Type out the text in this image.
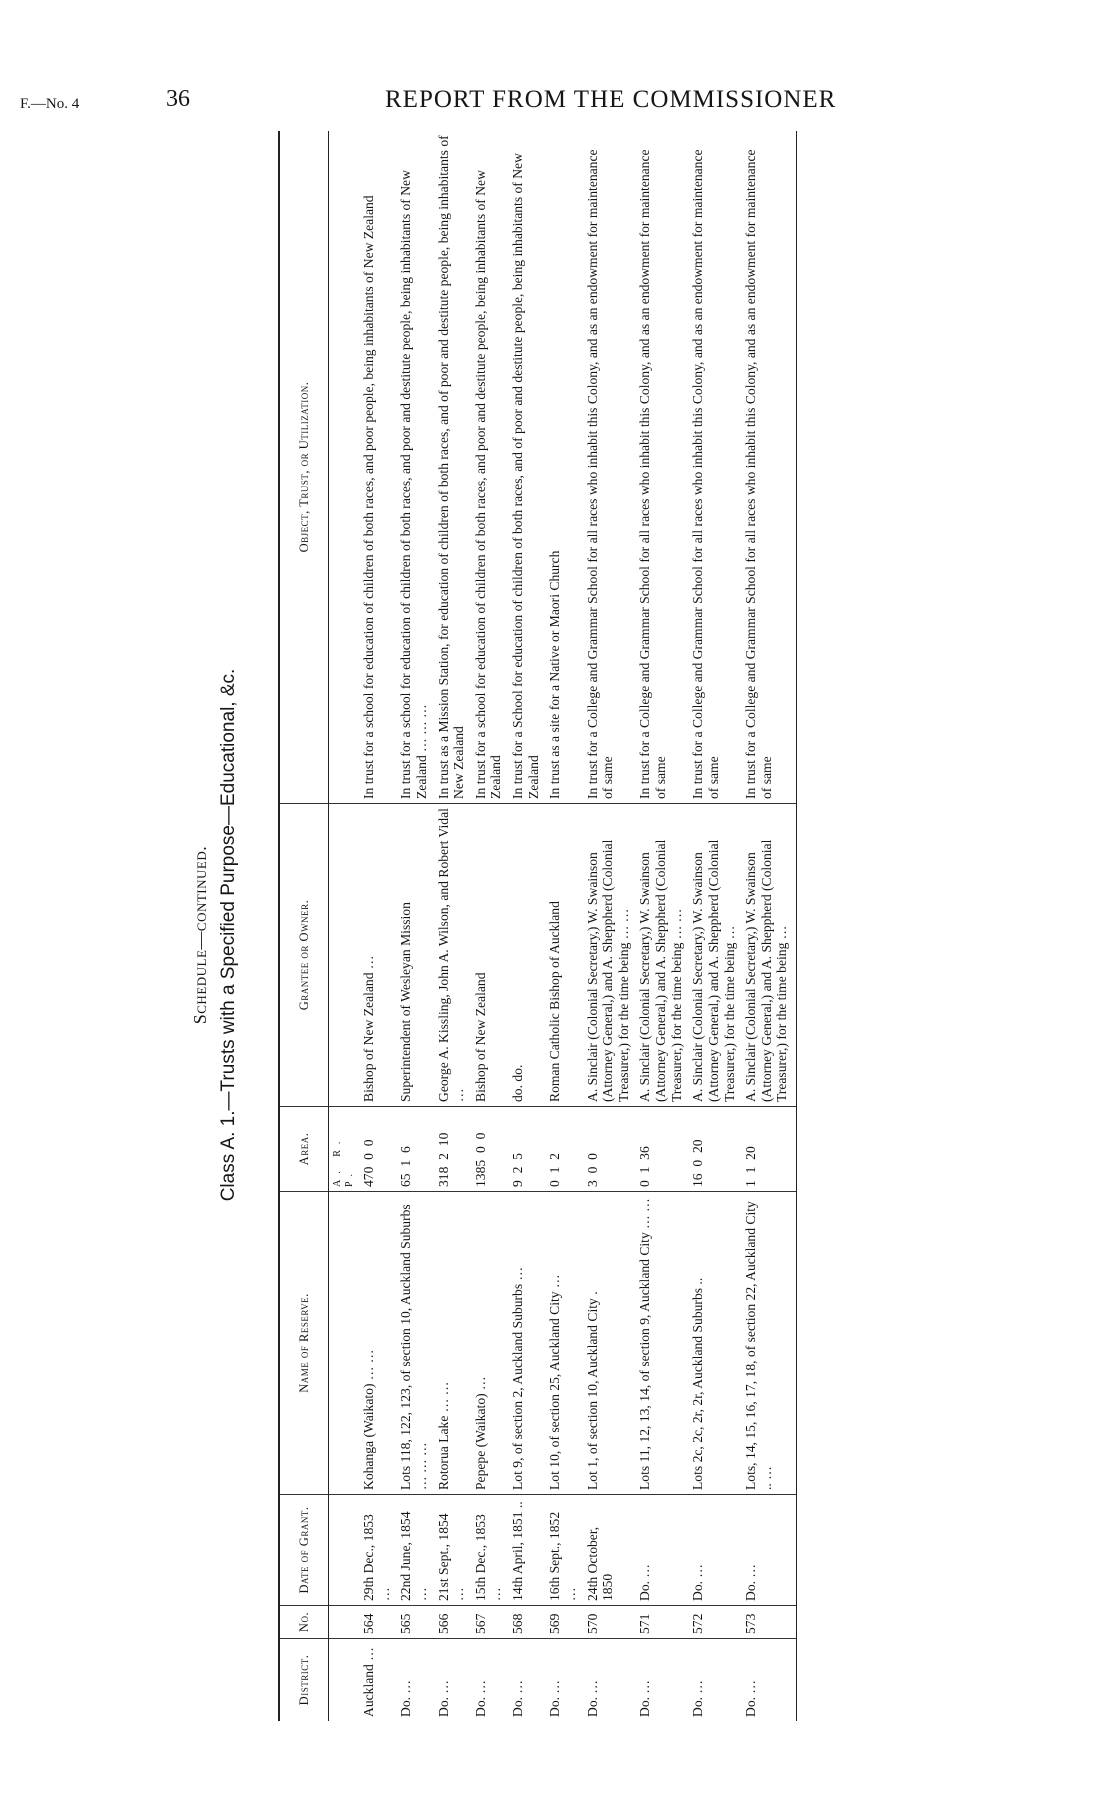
F.—No. 4	36	REPORT FROM THE COMMISSIONER
Schedule—continued. Class A. 1.—Trusts with a Specified Purpose—Educational, &c.
District.	No.	Date of Grant.	Name of Reserve.	Area.	Grantee or Owner.	Object, Trust, or Utilization.
				A. R. P.		
Auckland …	564	29th Dec., 1853 …	Kohanga (Waikato) … …	470  0  0	Bishop of New Zealand …	In trust for a school for education of children of both races, and poor people, being inhabitants of New Zealand
Do. …	565	22nd June, 1854 …	Lots 118, 122, 123, of section 10, Auckland Suburbs … … …	65  1  6	Superintendent of Wesleyan Mission	In trust for a school for education of children of both races, and poor and destitute people, being inhabitants of New Zealand … … …
Do. …	566	21st Sept., 1854 …	Rotorua Lake … …	318  2  10	George A. Kissling, John A. Wilson, and Robert Vidal …	In trust as a Mission Station, for education of children of both races, and of poor and destitute people, being inhabitants of New Zealand
Do. …	567	15th Dec., 1853 …	Pepepe (Waikato) …	1385  0  0	Bishop of New Zealand	In trust for a school for education of children of both races, and poor and destitute people, being inhabitants of New Zealand
Do. …	568	14th April, 1851 ..	Lot 9, of section 2, Auckland Suburbs …	9  2  5	do. do.	In trust for a School for education of children of both races, and of poor and destitute people, being inhabitants of New Zealand
Do. …	569	16th Sept., 1852 …	Lot 10, of section 25, Auckland City …	0  1  2	Roman Catholic Bishop of Auckland	In trust as a site for a Native or Maori Church
Do. …	570	24th October, 1850	Lot 1, of section 10, Auckland City .	3  0  0	A. Sinclair (Colonial Secretary,) W. Swainson (Attorney General,) and A. Sheppherd (Colonial Treasurer,) for the time being … …	In trust for a College and Grammar School for all races who inhabit this Colony, and as an endowment for maintenance of same
Do. …	571	Do. …	Lots 11, 12, 13, 14, of section 9, Auckland City … …	0  1  36	A. Sinclair (Colonial Secretary,) W. Swainson (Attorney General,) and A. Sheppherd (Colonial Treasurer,) for the time being … …	In trust for a College and Grammar School for all races who inhabit this Colony, and as an endowment for maintenance of same
Do. …	572	Do. …	Lots 2c, 2c, 2r, 2r, Auckland Suburbs ..	16  0  20	A. Sinclair (Colonial Secretary,) W. Swainson (Attorney General,) and A. Sheppherd (Colonial Treasurer,) for the time being …	In trust for a College and Grammar School for all races who inhabit this Colony, and as an endowment for maintenance of same
Do. …	573	Do. …	Lots, 14, 15, 16, 17, 18, of section 22, Auckland City .. …	1  1  20	A. Sinclair (Colonial Secretary,) W. Swainson (Attorney General,) and A. Sheppherd (Colonial Treasurer,) for the time being …	In trust for a College and Grammar School for all races who inhabit this Colony, and as an endowment for maintenance of same
